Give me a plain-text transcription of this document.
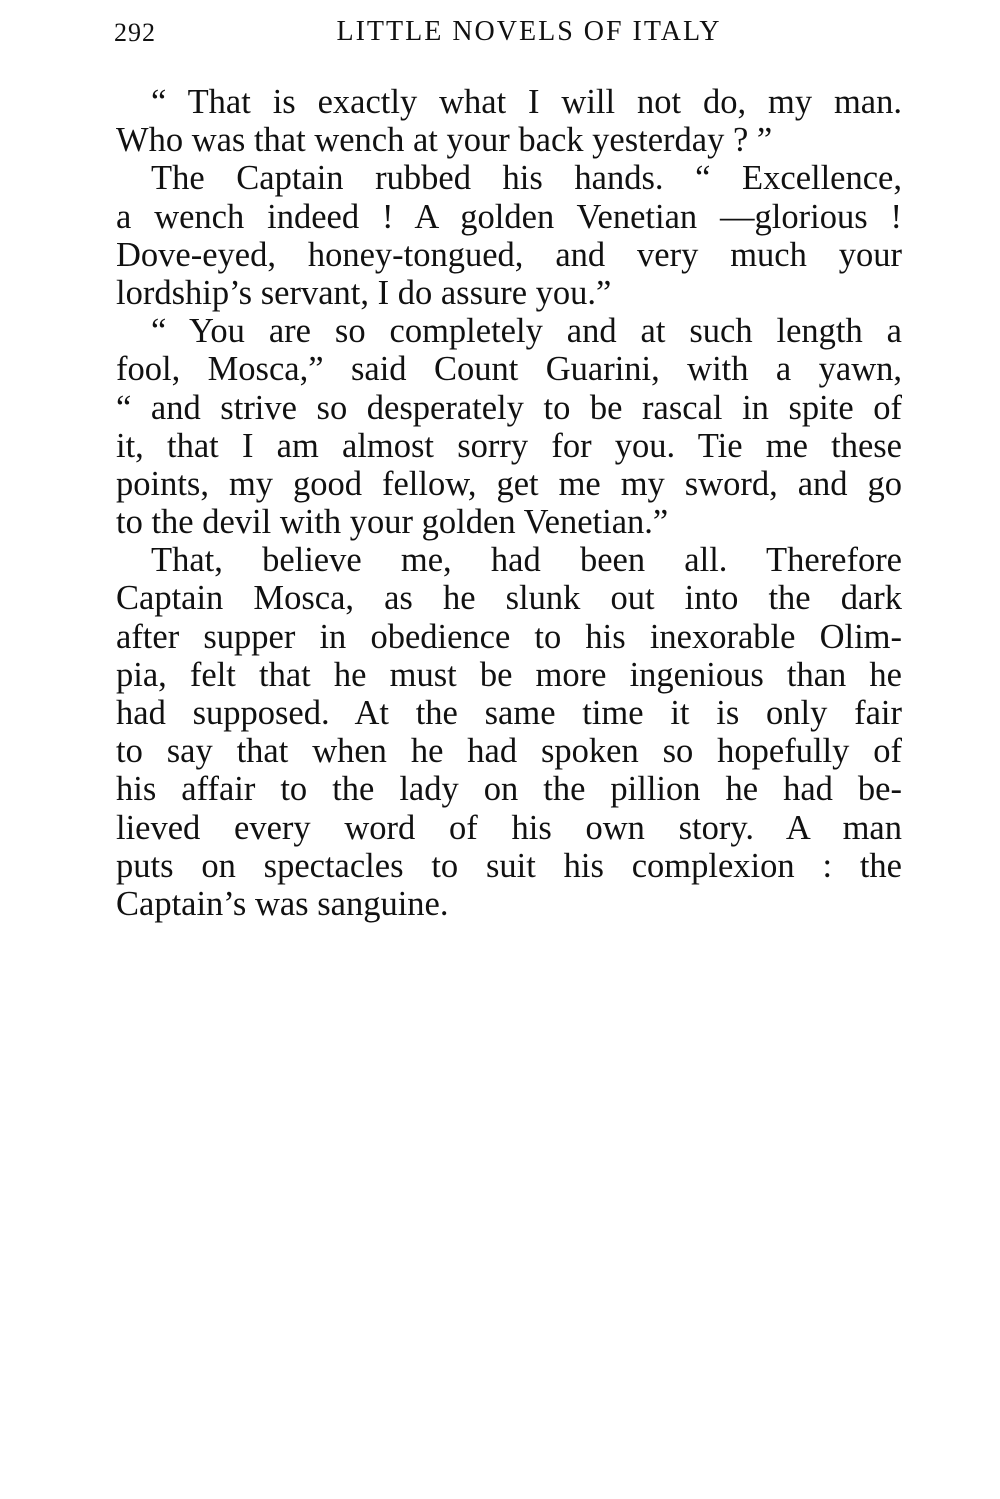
292	LITTLE NOVELS OF ITALY
“ That is exactly what I will not do, my man.
Who was that wench at your back yesterday ? ”
The Captain rubbed his hands. “ Excellence,
a wench indeed ! A golden Venetian —glorious !
Dove-eyed, honey-tongued, and very much your
lordship’s servant, I do assure you.”
“ You are so completely and at such length a
fool, Mosca,” said Count Guarini, with a yawn,
“ and strive so desperately to be rascal in spite of
it, that I am almost sorry for you. Tie me these
points, my good fellow, get me my sword, and go
to the devil with your golden Venetian.”
That, believe me, had been all. Therefore
Captain Mosca, as he slunk out into the dark
after supper in obedience to his inexorable Olim-
pia, felt that he must be more ingenious than he
had supposed. At the same time it is only fair
to say that when he had spoken so hopefully of
his affair to the lady on the pillion he had be-
lieved every word of his own story. A man
puts on spectacles to suit his complexion : the
Captain’s was sanguine.
